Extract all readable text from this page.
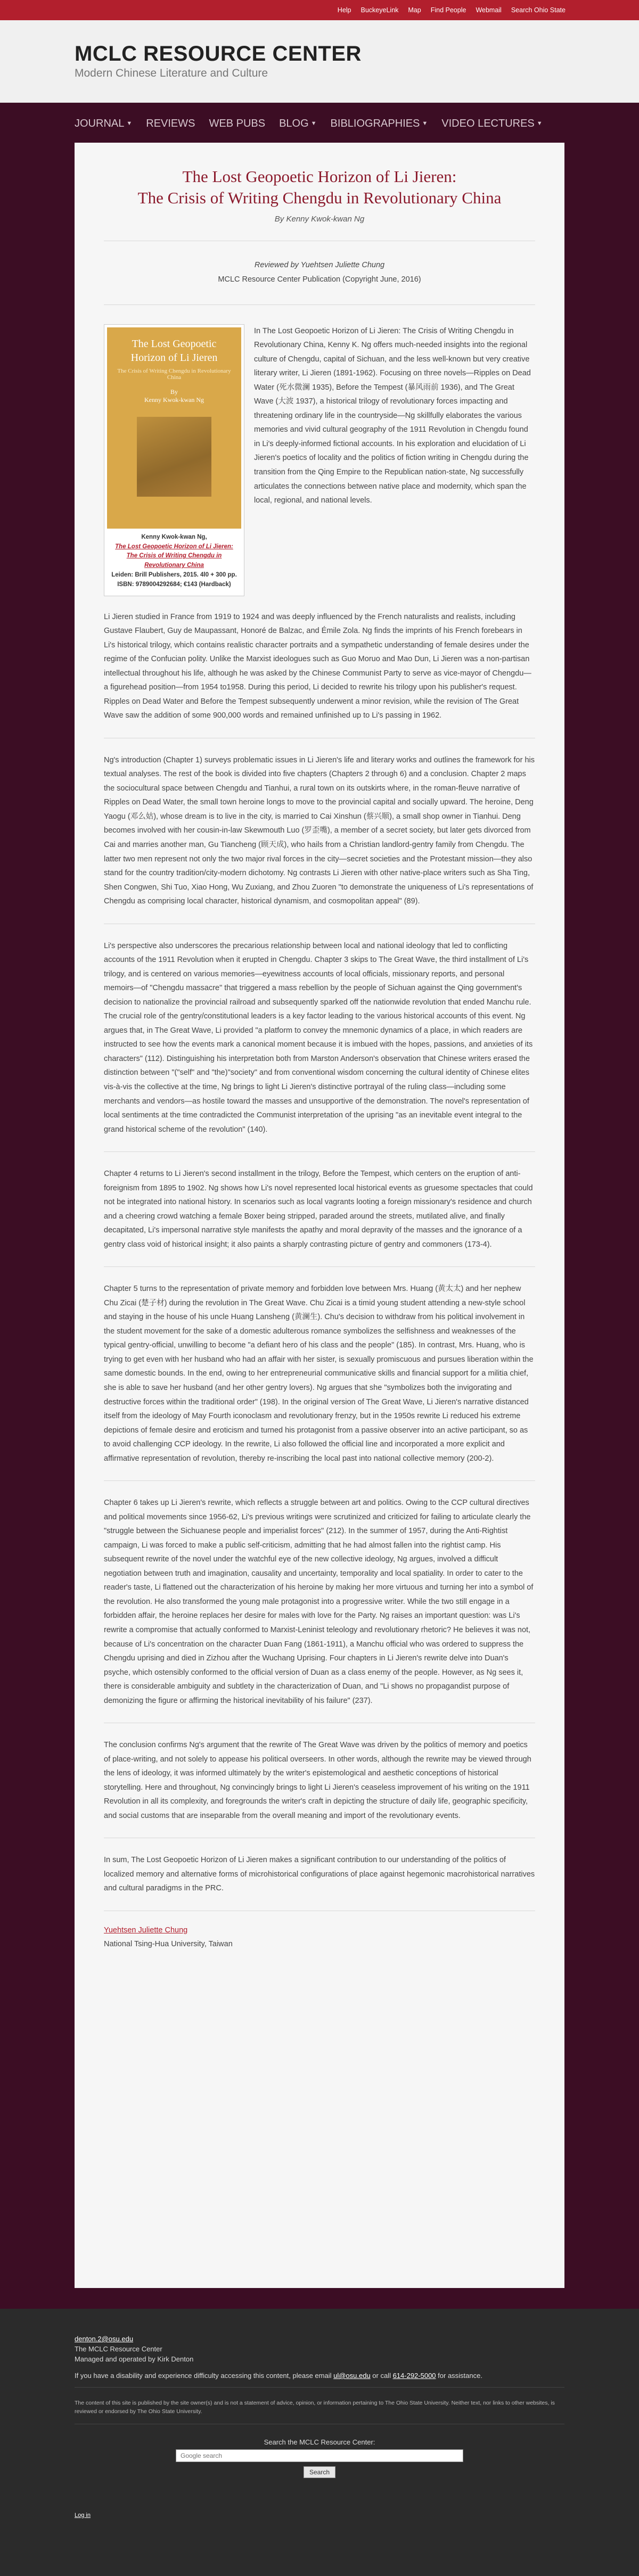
Help BuckeyeLink Map Find People Webmail Search Ohio State
MCLC RESOURCE CENTER
Modern Chinese Literature and Culture
JOURNAL ▼ REVIEWS WEB PUBS BLOG ▼ BIBLIOGRAPHIES ▼ VIDEO LECTURES ▼
The Lost Geopoetic Horizon of Li Jieren:
The Crisis of Writing Chengdu in Revolutionary China
By Kenny Kwok-kwan Ng
Reviewed by Yuehtsen Juliette Chung
MCLC Resource Center Publication (Copyright June, 2016)
The Lost Geopoetic Horizon of Li Jieren
The Crisis of Writing Chengdu in Revolutionary China
By
Kenny Kwok-kwan Ng
Kenny Kwok-kwan Ng,
The Lost Geopoetic Horizon of Li Jieren: The Crisis of Writing Chengdu in Revolutionary China
Leiden: Brill Publishers, 2015. 4l0 + 300 pp. ISBN: 9789004292684; €143 (Hardback)

In The Lost Geopoetic Horizon of Li Jieren: The Crisis of Writing Chengdu in Revolutionary China, Kenny K. Ng offers much-needed insights into the regional culture of Chengdu, capital of Sichuan, and the less well-known but very creative literary writer, Li Jieren (1891-1962). Focusing on three novels—Ripples on Dead Water (死水微澜 1935), Before the Tempest (暴风雨前 1936), and The Great Wave (大波 1937), a historical trilogy of revolutionary forces impacting and threatening ordinary life in the countryside—Ng skillfully elaborates the various memories and vivid cultural geography of the 1911 Revolution in Chengdu found in Li's deeply-informed fictional accounts. In his exploration and elucidation of Li Jieren's poetics of locality and the politics of fiction writing in Chengdu during the transition from the Qing Empire to the Republican nation-state, Ng successfully articulates the connections between native place and modernity, which span the local, regional, and national levels.

Li Jieren studied in France from 1919 to 1924 and was deeply influenced by the French naturalists and realists, including Gustave Flaubert, Guy de Maupassant, Honoré de Balzac, and Émile Zola. Ng finds the imprints of his French forebears in Li's historical trilogy, which contains realistic character portraits and a sympathetic understanding of female desires under the regime of the Confucian polity. Unlike the Marxist ideologues such as Guo Moruo and Mao Dun, Li Jieren was a non-partisan intellectual throughout his life, although he was asked by the Chinese Communist Party to serve as vice-mayor of Chengdu—a figurehead position—from 1954 to1958. During this period, Li decided to rewrite his trilogy upon his publisher's request. Ripples on Dead Water and Before the Tempest subsequently underwent a minor revision, while the revision of The Great Wave saw the addition of some 900,000 words and remained unfinished up to Li's passing in 1962.

Ng's introduction (Chapter 1) surveys problematic issues in Li Jieren's life and literary works and outlines the framework for his textual analyses. The rest of the book is divided into five chapters (Chapters 2 through 6) and a conclusion. Chapter 2 maps the sociocultural space between Chengdu and Tianhui, a rural town on its outskirts where, in the roman-fleuve narrative of Ripples on Dead Water, the small town heroine longs to move to the provincial capital and socially upward. The heroine, Deng Yaogu (邓么姑), whose dream is to live in the city, is married to Cai Xinshun (蔡兴顺), a small shop owner in Tianhui. Deng becomes involved with her cousin-in-law Skewmouth Luo (罗歪嘴), a member of a secret society, but later gets divorced from Cai and marries another man, Gu Tiancheng (顾天成), who hails from a Christian landlord-gentry family from Chengdu. The latter two men represent not only the two major rival forces in the city—secret societies and the Protestant mission—they also stand for the country tradition/city-modern dichotomy. Ng contrasts Li Jieren with other native-place writers such as Sha Ting, Shen Congwen, Shi Tuo, Xiao Hong, Wu Zuxiang, and Zhou Zuoren "to demonstrate the uniqueness of Li's representations of Chengdu as comprising local character, historical dynamism, and cosmopolitan appeal" (89).

Li's perspective also underscores the precarious relationship between local and national ideology that led to conflicting accounts of the 1911 Revolution when it erupted in Chengdu. Chapter 3 skips to The Great Wave, the third installment of Li's trilogy, and is centered on various memories—eyewitness accounts of local officials, missionary reports, and personal memoirs—of "Chengdu massacre" that triggered a mass rebellion by the people of Sichuan against the Qing government's decision to nationalize the provincial railroad and subsequently sparked off the nationwide revolution that ended Manchu rule. The crucial role of the gentry/constitutional leaders is a key factor leading to the various historical accounts of this event. Ng argues that, in The Great Wave, Li provided "a platform to convey the mnemonic dynamics of a place, in which readers are instructed to see how the events mark a canonical moment because it is imbued with the hopes, passions, and anxieties of its characters" (112). Distinguishing his interpretation both from Marston Anderson's observation that Chinese writers erased the distinction between "("self" and "the)"society" and from conventional wisdom concerning the cultural identity of Chinese elites vis-à-vis the collective at the time, Ng brings to light Li Jieren's distinctive portrayal of the ruling class—including some merchants and vendors—as hostile toward the masses and unsupportive of the demonstration. The novel's representation of local sentiments at the time contradicted the Communist interpretation of the uprising "as an inevitable event integral to the grand historical scheme of the revolution" (140).

Chapter 4 returns to Li Jieren's second installment in the trilogy, Before the Tempest, which centers on the eruption of anti-foreignism from 1895 to 1902. Ng shows how Li's novel represented local historical events as gruesome spectacles that could not be integrated into national history. In scenarios such as local vagrants looting a foreign missionary's residence and church and a cheering crowd watching a female Boxer being stripped, paraded around the streets, mutilated alive, and finally decapitated, Li's impersonal narrative style manifests the apathy and moral depravity of the masses and the ignorance of a gentry class void of historical insight; it also paints a sharply contrasting picture of gentry and commoners (173-4).

Chapter 5 turns to the representation of private memory and forbidden love between Mrs. Huang (黄太太) and her nephew Chu Zicai (楚子材) during the revolution in The Great Wave. Chu Zicai is a timid young student attending a new-style school and staying in the house of his uncle Huang Lansheng (黄澜生). Chu's decision to withdraw from his political involvement in the student movement for the sake of a domestic adulterous romance symbolizes the selfishness and weaknesses of the typical gentry-official, unwilling to become "a defiant hero of his class and the people" (185). In contrast, Mrs. Huang, who is trying to get even with her husband who had an affair with her sister, is sexually promiscuous and pursues liberation within the same domestic bounds. In the end, owing to her entrepreneurial communicative skills and financial support for a militia chief, she is able to save her husband (and her other gentry lovers). Ng argues that she "symbolizes both the invigorating and destructive forces within the traditional order" (198). In the original version of The Great Wave, Li Jieren's narrative distanced itself from the ideology of May Fourth iconoclasm and revolutionary frenzy, but in the 1950s rewrite Li reduced his extreme depictions of female desire and eroticism and turned his protagonist from a passive observer into an active participant, so as to avoid challenging CCP ideology. In the rewrite, Li also followed the official line and incorporated a more explicit and affirmative representation of revolution, thereby re-inscribing the local past into national collective memory (200-2).

Chapter 6 takes up Li Jieren's rewrite, which reflects a struggle between art and politics. Owing to the CCP cultural directives and political movements since 1956-62, Li's previous writings were scrutinized and criticized for failing to articulate clearly the "struggle between the Sichuanese people and imperialist forces" (212). In the summer of 1957, during the Anti-Rightist campaign, Li was forced to make a public self-criticism, admitting that he had almost fallen into the rightist camp. His subsequent rewrite of the novel under the watchful eye of the new collective ideology, Ng argues, involved a difficult negotiation between truth and imagination, causality and uncertainty, temporality and local spatiality. In order to cater to the reader's taste, Li flattened out the characterization of his heroine by making her more virtuous and turning her into a symbol of the revolution. He also transformed the young male protagonist into a progressive writer. While the two still engage in a forbidden affair, the heroine replaces her desire for males with love for the Party. Ng raises an important question: was Li's rewrite a compromise that actually conformed to Marxist-Leninist teleology and revolutionary rhetoric? He believes it was not, because of Li's concentration on the character Duan Fang (1861-1911), a Manchu official who was ordered to suppress the Chengdu uprising and died in Zizhou after the Wuchang Uprising. Four chapters in Li Jieren's rewrite delve into Duan's psyche, which ostensibly conformed to the official version of Duan as a class enemy of the people. However, as Ng sees it, there is considerable ambiguity and subtlety in the characterization of Duan, and "Li shows no propagandist purpose of demonizing the figure or affirming the historical inevitability of his failure" (237).

The conclusion confirms Ng's argument that the rewrite of The Great Wave was driven by the politics of memory and poetics of place-writing, and not solely to appease his political overseers. In other words, although the rewrite may be viewed through the lens of ideology, it was informed ultimately by the writer's epistemological and aesthetic conceptions of historical storytelling. Here and throughout, Ng convincingly brings to light Li Jieren's ceaseless improvement of his writing on the 1911 Revolution in all its complexity, and foregrounds the writer's craft in depicting the structure of daily life, geographic specificity, and social customs that are inseparable from the overall meaning and import of the revolutionary events.

In sum, The Lost Geopoetic Horizon of Li Jieren makes a significant contribution to our understanding of the politics of localized memory and alternative forms of microhistorical configurations of place against hegemonic macrohistorical narratives and cultural paradigms in the PRC.

Yuehtsen Juliette Chung
National Tsing-Hua University, Taiwan
denton.2@osu.edu
The MCLC Resource Center
Managed and operated by Kirk Denton
If you have a disability and experience difficulty accessing this content, please email ul@osu.edu or call 614-292-5000 for assistance.
The content of this site is published by the site owner(s) and is not a statement of advice, opinion, or information pertaining to The Ohio State University. Neither text, nor links to other websites, is reviewed or endorsed by The Ohio State University.
Search the MCLC Resource Center:
Google search
Search
Log in
